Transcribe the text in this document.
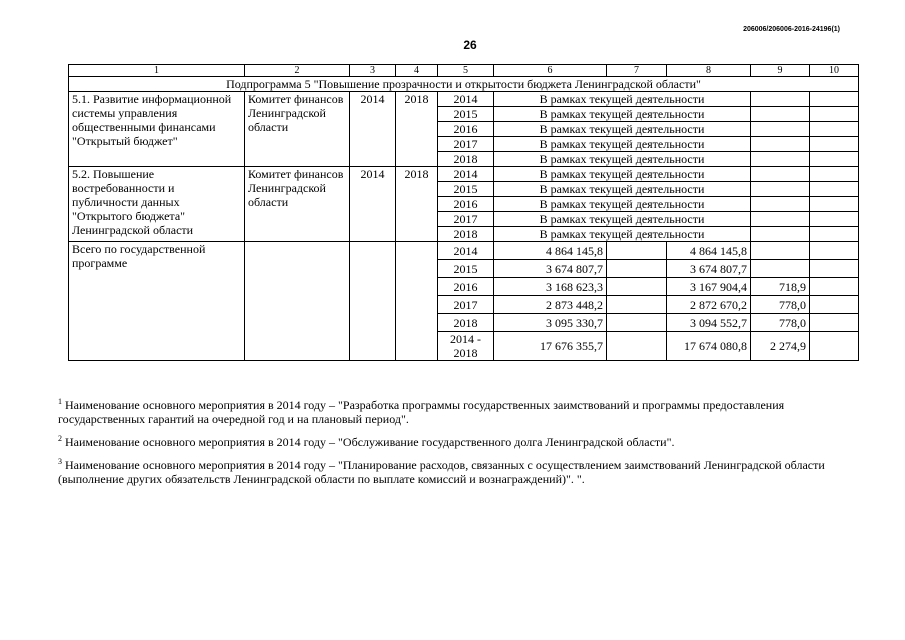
206006/206006-2016-24196(1)
26
1	2	3	4	5	6	7	8	9	10
Подпрограмма 5 "Повышение прозрачности и открытости бюджета Ленинградской области"									
5.1. Развитие информационной системы управления общественными финансами "Открытый бюджет"	Комитет финансов Ленинградской области	2014	2018	2014	В рамках текущей деятельности				
				2015	В рамках текущей деятельности				
				2016	В рамках текущей деятельности				
				2017	В рамках текущей деятельности				
				2018	В рамках текущей деятельности				
5.2. Повышение востребованности и публичности данных "Открытого бюджета" Ленинградской области	Комитет финансов Ленинградской области	2014	2018	2014	В рамках текущей деятельности				
				2015	В рамках текущей деятельности				
				2016	В рамках текущей деятельности				
				2017	В рамках текущей деятельности				
				2018	В рамках текущей деятельности				
Всего по государственной программе				2014	4 864 145,8		4 864 145,8		
				2015	3 674 807,7		3 674 807,7		
				2016	3 168 623,3		3 167 904,4	718,9	
				2017	2 873 448,2		2 872 670,2	778,0	
				2018	3 095 330,7		3 094 552,7	778,0	
				2014 - 2018	17 676 355,7		17 674 080,8	2 274,9	
$^1$ Наименование основного мероприятия в 2014 году – "Разработка программы государственных заимствований и программы предоставления государственных гарантий на очередной год и на плановый период".
$^2$ Наименование основного мероприятия в 2014 году – "Обслуживание государственного долга Ленинградской области".
$^3$ Наименование основного мероприятия в 2014 году – "Планирование расходов, связанных с осуществлением заимствований Ленинградской области (выполнение других обязательств Ленинградской области по выплате комиссий и вознаграждений)". ".
